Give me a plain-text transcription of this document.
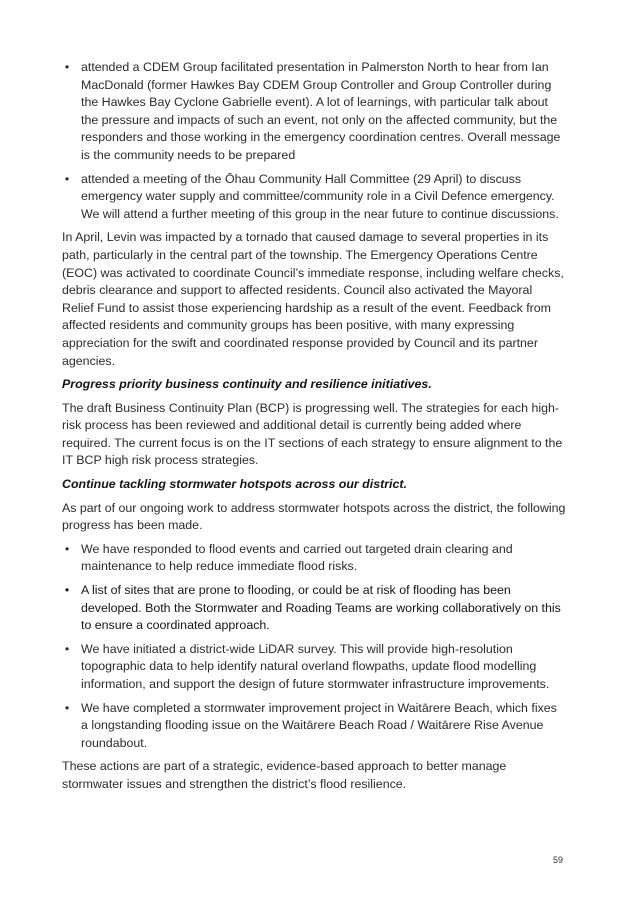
• attended a CDEM Group facilitated presentation in Palmerston North to hear from Ian MacDonald (former Hawkes Bay CDEM Group Controller and Group Controller during the Hawkes Bay Cyclone Gabrielle event). A lot of learnings, with particular talk about the pressure and impacts of such an event, not only on the affected community, but the responders and those working in the emergency coordination centres. Overall message is the community needs to be prepared
• attended a meeting of the Ōhau Community Hall Committee (29 April) to discuss emergency water supply and committee/community role in a Civil Defence emergency. We will attend a further meeting of this group in the near future to continue discussions.

In April, Levin was impacted by a tornado that caused damage to several properties in its path, particularly in the central part of the township. The Emergency Operations Centre (EOC) was activated to coordinate Council’s immediate response, including welfare checks, debris clearance and support to affected residents. Council also activated the Mayoral Relief Fund to assist those experiencing hardship as a result of the event. Feedback from affected residents and community groups has been positive, with many expressing appreciation for the swift and coordinated response provided by Council and its partner agencies.

Progress priority business continuity and resilience initiatives.

The draft Business Continuity Plan (BCP) is progressing well. The strategies for each high-risk process has been reviewed and additional detail is currently being added where required. The current focus is on the IT sections of each strategy to ensure alignment to the IT BCP high risk process strategies.

Continue tackling stormwater hotspots across our district.

As part of our ongoing work to address stormwater hotspots across the district, the following progress has been made.

• We have responded to flood events and carried out targeted drain clearing and maintenance to help reduce immediate flood risks.
• A list of sites that are prone to flooding, or could be at risk of flooding has been developed. Both the Stormwater and Roading Teams are working collaboratively on this to ensure a coordinated approach.
• We have initiated a district-wide LiDAR survey. This will provide high-resolution topographic data to help identify natural overland flowpaths, update flood modelling information, and support the design of future stormwater infrastructure improvements.
• We have completed a stormwater improvement project in Waitārere Beach, which fixes a longstanding flooding issue on the Waitārere Beach Road / Waitārere Rise Avenue roundabout.

These actions are part of a strategic, evidence-based approach to better manage stormwater issues and strengthen the district’s flood resilience.

59
